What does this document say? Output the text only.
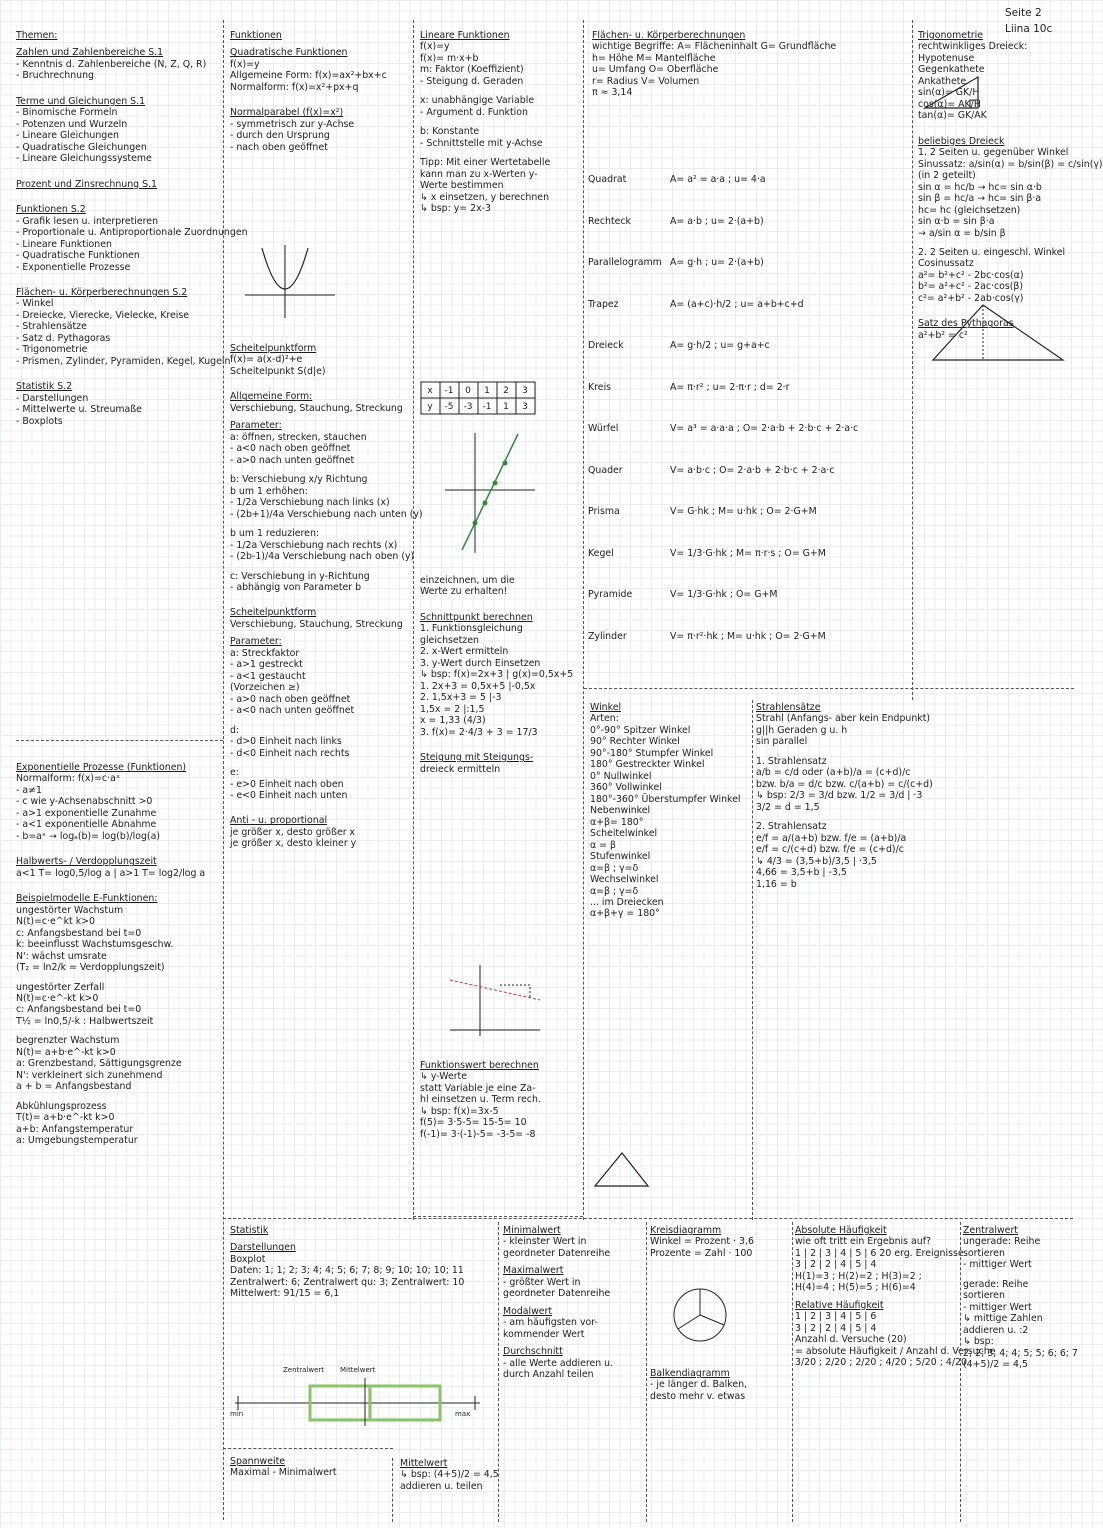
Seite 2
Liina 10c
Themen:
Zahlen und Zahlenbereiche S.1
- Kenntnis d. Zahlenbereiche (N, Z, Q, R)
- Bruchrechnung
Terme und Gleichungen S.1
- Binomische Formeln
- Potenzen und Wurzeln
- Lineare Gleichungen
- Quadratische Gleichungen
- Lineare Gleichungssysteme
Prozent und Zinsrechnung S.1
Funktionen S.2
- Grafik lesen u. interpretieren
- Proportionale u. Antiproportionale Zuordnungen
- Lineare Funktionen
- Quadratische Funktionen
- Exponentielle Prozesse
Flächen- u. Körperberechnungen S.2
- Winkel
- Dreiecke, Vierecke, Vielecke, Kreise
- Strahlensätze
- Satz d. Pythagoras
- Trigonometrie
- Prismen, Zylinder, Pyramiden, Kegel, Kugeln
Statistik S.2
- Darstellungen
- Mittelwerte u. Streumaße
- Boxplots
Exponentielle Prozesse (Funktionen)
Normalform: f(x)=c·aˣ
- a≠1
- c wie y-Achsenabschnitt >0
- a>1 exponentielle Zunahme
- a<1 exponentielle Abnahme
- b=aˣ → logₐ(b)= log(b)/log(a)
Halbwerts- / Verdopplungszeit
a<1 T= log0,5/log a | a>1 T= log2/log a
Beispielmodelle E-Funktionen:
ungestörter Wachstum
N(t)=c·e^kt k>0
c: Anfangsbestand bei t=0
k: beeinflusst Wachstumsgeschw.
N': wächst umsrate
(T₂ = ln2/k = Verdopplungszeit)
ungestörter Zerfall
N(t)=c·e^-kt k>0
c: Anfangsbestand bei t=0
T½ = ln0,5/-k : Halbwertszeit
begrenzter Wachstum
N(t)= a+b·e^-kt k>0
a: Grenzbestand, Sättigungsgrenze
N': verkleinert sich zunehmend
a + b = Anfangsbestand
Abkühlungsprozess
T(t)= a+b·e^-kt k>0
a+b: Anfangstemperatur
a: Umgebungstemperatur
Funktionen
Quadratische Funktionen
f(x)=y
Allgemeine Form: f(x)=ax²+bx+c
Normalform: f(x)=x²+px+q
Normalparabel (f(x)=x²)
- symmetrisch zur y-Achse
- durch den Ursprung
- nach oben geöffnet
Scheitelpunktform
f(x)= a(x-d)²+e
Scheitelpunkt S(d|e)
Allgemeine Form:
Verschiebung, Stauchung, Streckung
Parameter:
a: öffnen, strecken, stauchen
- a<0 nach oben geöffnet
- a>0 nach unten geöffnet
b: Verschiebung x/y Richtung
b um 1 erhöhen:
- 1/2a Verschiebung nach links (x)
- (2b+1)/4a Verschiebung nach unten (y)
b um 1 reduzieren:
- 1/2a Verschiebung nach rechts (x)
- (2b-1)/4a Verschiebung nach oben (y)
c: Verschiebung in y-Richtung
- abhängig von Parameter b
Scheitelpunktform
Verschiebung, Stauchung, Streckung
Parameter:
a: Streckfaktor
- a>1 gestreckt
- a<1 gestaucht
(Vorzeichen ≥)
- a>0 nach oben geöffnet
- a<0 nach unten geöffnet
d:
- d>0 Einheit nach links
- d<0 Einheit nach rechts
e:
- e>0 Einheit nach oben
- e<0 Einheit nach unten
Anti - u. proportional
je größer x, desto größer x
je größer x, desto kleiner y
Statistik
Darstellungen
Boxplot
Daten: 1; 1; 2; 3; 4; 4; 5; 6; 7; 8; 9; 10; 10; 10; 11
Zentralwert: 6; Zentralwert qu: 3; Zentralwert: 10
Mittelwert: 91/15 = 6,1
Spannweite
Maximal - Minimalwert
Lineare Funktionen
f(x)=y
f(x)= m·x+b
m: Faktor (Koeffizient)
- Steigung d. Geraden
x: unabhängige Variable
- Argument d. Funktion
b: Konstante
- Schnittstelle mit y-Achse
Tipp: Mit einer Wertetabelle
kann man zu x-Werten y-
Werte bestimmen
↳ x einsetzen, y berechnen
↳ bsp: y= 2x-3
einzeichnen, um die
Werte zu erhalten!
Schnittpunkt berechnen
1. Funktionsgleichung
gleichsetzen
2. x-Wert ermitteln
3. y-Wert durch Einsetzen
↳ bsp: f(x)=2x+3 | g(x)=0,5x+5
1. 2x+3 = 0,5x+5 |-0,5x
2. 1,5x+3 = 5 |-3
1,5x = 2 |:1,5
x = 1,33 (4/3)
3. f(x)= 2·4/3 + 3 = 17/3
Steigung mit Steigungs-
dreieck ermitteln
Funktionswert berechnen
↳ y-Werte
statt Variable je eine Za-
hl einsetzen u. Term rech.
↳ bsp: f(x)=3x-5
f(5)= 3·5-5= 15-5= 10
f(-1)= 3·(-1)-5= -3-5= -8
Mittelwert
↳ bsp: (4+5)/2 = 4,5
addieren u. teilen
Flächen- u. Körperberechnungen
wichtige Begriffe: A= Flächeninhalt G= Grundfläche
h= Höhe M= Mantelfläche
u= Umfang O= Oberfläche
r= Radius V= Volumen
π ≈ 3,14
Quadrat	A= a² = a·a ; u= 4·a
Rechteck	A= a·b ; u= 2·(a+b)
Parallelogramm A= g·h ; u= 2·(a+b)
Trapez	A= (a+c)·h/2 ; u= a+b+c+d
Dreieck	A= g·h/2 ; u= g+a+c
Kreis	A= π·r² ; u= 2·π·r ; d= 2·r
Würfel	V= a³ = a·a·a ; O= 2·a·b + 2·b·c + 2·a·c
Quader	V= a·b·c ; O= 2·a·b + 2·b·c + 2·a·c
Prisma	V= G·hk ; M= u·hk ; O= 2·G+M
Kegel	V= 1/3·G·hk ; M= π·r·s ; O= G+M
Pyramide	V= 1/3·G·hk ; O= G+M
Zylinder	V= π·r²·hk ; M= u·hk ; O= 2·G+M
Winkel
Arten:
0°-90° Spitzer Winkel
90° Rechter Winkel
90°-180° Stumpfer Winkel
180° Gestreckter Winkel
0° Nullwinkel
360° Vollwinkel
180°-360° Überstumpfer Winkel
Nebenwinkel
α+β= 180°
Scheitelwinkel
α = β
Stufenwinkel
α=β ; γ=δ
Wechselwinkel
α=β ; γ=δ
... im Dreiecken
α+β+γ = 180°
Strahlensätze
Strahl (Anfangs- aber kein Endpunkt)
g||h Geraden g u. h
sin parallel
1. Strahlensatz
a/b = c/d oder (a+b)/a = (c+d)/c
bzw. b/a = d/c bzw. c/(a+b) = c/(c+d)
↳ bsp: 2/3 = 3/d bzw. 1/2 = 3/d | ·3
3/2 = d = 1,5
2. Strahlensatz
e/f = a/(a+b) bzw. f/e = (a+b)/a
e/f = c/(c+d) bzw. f/e = (c+d)/c
↳ 4/3 = (3,5+b)/3,5 | ·3,5
4,66 = 3,5+b | -3,5
1,16 = b
Trigonometrie
rechtwinkliges Dreieck:
Hypotenuse
Gegenkathete
Ankathete
sin(α)= GK/H
cos(α)= AK/H
tan(α)= GK/AK
beliebiges Dreieck
1. 2 Seiten u. gegenüber Winkel
Sinussatz: a/sin(α) = b/sin(β) = c/sin(γ)
(in 2 geteilt)
sin α = hc/b → hc= sin α·b
sin β = hc/a → hc= sin β·a
hc= hc (gleichsetzen)
sin α·b = sin β·a
→ a/sin α = b/sin β
2. 2 Seiten u. eingeschl. Winkel
Cosinussatz
a²= b²+c² - 2bc·cos(α)
b²= a²+c² - 2ac·cos(β)
c²= a²+b² - 2ab·cos(γ)
Satz des Pythagoras
a²+b² = c²
Minimalwert
- kleinster Wert in
geordneter Datenreihe
Maximalwert
- größter Wert in
geordneter Datenreihe
Modalwert
- am häufigsten vor-
kommender Wert
Durchschnitt
- alle Werte addieren u.
durch Anzahl teilen
Kreisdiagramm
Winkel = Prozent · 3,6
Prozente = Zahl · 100
Balkendiagramm
- je länger d. Balken,
desto mehr v. etwas
Absolute Häufigkeit
wie oft tritt ein Ergebnis auf?
1 | 2 | 3 | 4 | 5 | 6 20 erg. Ereignisse
3 | 2 | 2 | 4 | 5 | 4
H(1)=3 ; H(2)=2 ; H(3)=2 ;
H(4)=4 ; H(5)=5 ; H(6)=4
Relative Häufigkeit
1 | 2 | 3 | 4 | 5 | 6
3 | 2 | 2 | 4 | 5 | 4
Anzahl d. Versuche (20)
= absolute Häufigkeit / Anzahl d. Versuche
3/20 ; 2/20 ; 2/20 ; 4/20 ; 5/20 ; 4/20
Zentralwert
ungerade: Reihe
sortieren
- mittiger Wert
gerade: Reihe
sortieren
- mittiger Wert
↳ mittige Zahlen
addieren u. :2
↳ bsp:
2; 2; 3; 4; 4; 5; 5; 6; 6; 7
(4+5)/2 = 4,5
x -1 0 1 2 3
y -5 -3 -1 1 3
min	max
Zentralwert Mittelwert
